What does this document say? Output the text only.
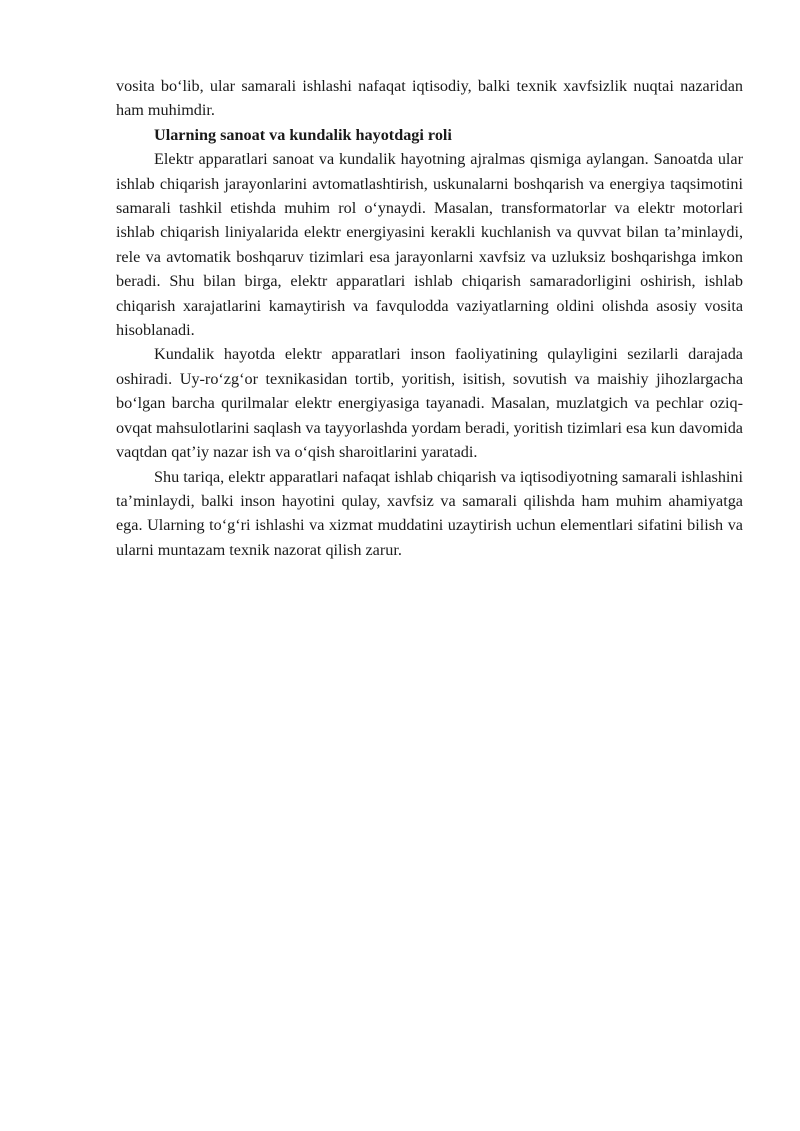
vosita bo‘lib, ular samarali ishlashi nafaqat iqtisodiy, balki texnik xavfsizlik nuqtai nazaridan ham muhimdir.

Ularning sanoat va kundalik hayotdagi roli

Elektr apparatlari sanoat va kundalik hayotning ajralmas qismiga aylangan. Sanoatda ular ishlab chiqarish jarayonlarini avtomatlashtirish, uskunalarni boshqarish va energiya taqsimotini samarali tashkil etishda muhim rol o‘ynaydi. Masalan, transformatorlar va elektr motorlari ishlab chiqarish liniyalarida elektr energiyasini kerakli kuchlanish va quvvat bilan ta’minlaydi, rele va avtomatik boshqaruv tizimlari esa jarayonlarni xavfsiz va uzluksiz boshqarishga imkon beradi. Shu bilan birga, elektr apparatlari ishlab chiqarish samaradorligini oshirish, ishlab chiqarish xarajatlarini kamaytirish va favqulodda vaziyatlarning oldini olishda asosiy vosita hisoblanadi.

Kundalik hayotda elektr apparatlari inson faoliyatining qulayligini sezilarli darajada oshiradi. Uy-ro‘zg‘or texnikasidan tortib, yoritish, isitish, sovutish va maishiy jihozlargacha bo‘lgan barcha qurilmalar elektr energiyasiga tayanadi. Masalan, muzlatgich va pechlar oziq-ovqat mahsulotlarini saqlash va tayyorlashda yordam beradi, yoritish tizimlari esa kun davomida vaqtdan qat’iy nazar ish va o‘qish sharoitlarini yaratadi.

Shu tariqa, elektr apparatlari nafaqat ishlab chiqarish va iqtisodiyotning samarali ishlashini ta’minlaydi, balki inson hayotini qulay, xavfsiz va samarali qilishda ham muhim ahamiyatga ega. Ularning to‘g‘ri ishlashi va xizmat muddatini uzaytirish uchun elementlari sifatini bilish va ularni muntazam texnik nazorat qilish zarur.
